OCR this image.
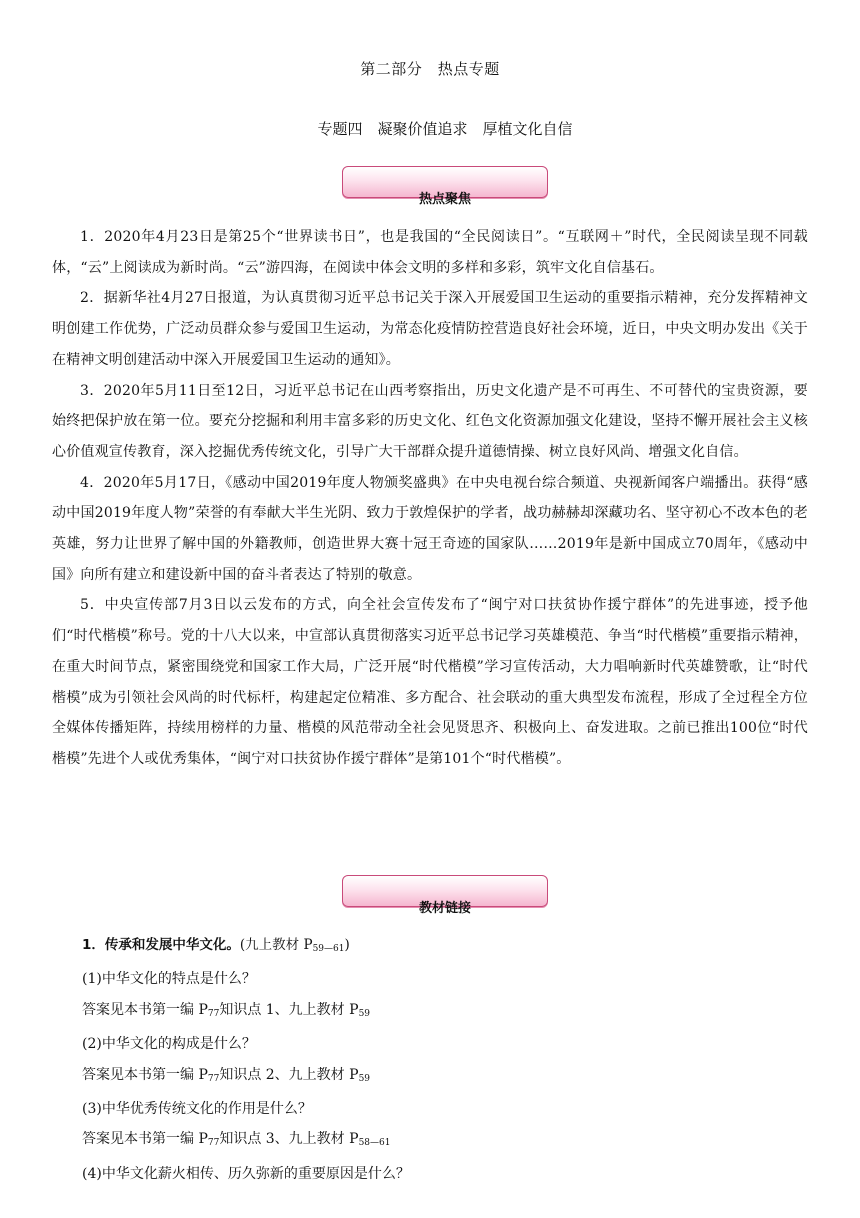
第二部分　热点专题
专题四　凝聚价值追求　厚植文化自信
热点聚焦

1．2020年4月23日是第25个“世界读书日”，也是我国的“全民阅读日”。“互联网＋”时代，全民阅读呈现不同载体，“云”上阅读成为新时尚。“云”游四海，在阅读中体会文明的多样和多彩，筑牢文化自信基石。

2．据新华社4月27日报道，为认真贯彻习近平总书记关于深入开展爱国卫生运动的重要指示精神，充分发挥精神文明创建工作优势，广泛动员群众参与爱国卫生运动，为常态化疫情防控营造良好社会环境，近日，中央文明办发出《关于在精神文明创建活动中深入开展爱国卫生运动的通知》。

3．2020年5月11日至12日，习近平总书记在山西考察指出，历史文化遗产是不可再生、不可替代的宝贵资源，要始终把保护放在第一位。要充分挖掘和利用丰富多彩的历史文化、红色文化资源加强文化建设，坚持不懈开展社会主义核心价值观宣传教育，深入挖掘优秀传统文化，引导广大干部群众提升道德情操、树立良好风尚、增强文化自信。

4．2020年5月17日，《感动中国2019年度人物颁奖盛典》在中央电视台综合频道、央视新闻客户端播出。获得“感动中国2019年度人物”荣誉的有奉献大半生光阴、致力于敦煌保护的学者，战功赫赫却深藏功名、坚守初心不改本色的老英雄，努力让世界了解中国的外籍教师，创造世界大赛十冠王奇迹的国家队……2019年是新中国成立70周年，《感动中国》向所有建立和建设新中国的奋斗者表达了特别的敬意。

5．中央宣传部7月3日以云发布的方式，向全社会宣传发布了“闽宁对口扶贫协作援宁群体”的先进事迹，授予他们“时代楷模”称号。党的十八大以来，中宣部认真贯彻落实习近平总书记学习英雄模范、争当“时代楷模”重要指示精神，在重大时间节点，紧密围绕党和国家工作大局，广泛开展“时代楷模”学习宣传活动，大力唱响新时代英雄赞歌，让“时代楷模”成为引领社会风尚的时代标杆，构建起定位精准、多方配合、社会联动的重大典型发布流程，形成了全过程全方位全媒体传播矩阵，持续用榜样的力量、楷模的风范带动全社会见贤思齐、积极向上、奋发进取。之前已推出100位“时代楷模”先进个人或优秀集体，“闽宁对口扶贫协作援宁群体”是第101个“时代楷模”。

教材链接

1．传承和发展中华文化。(九上教材 $P_{59—61}$)

(1)中华文化的特点是什么？

答案见本书第一编 $P_{77}$知识点 1、九上教材 $P_{59}$

(2)中华文化的构成是什么？

答案见本书第一编 $P_{77}$知识点 2、九上教材 $P_{59}$

(3)中华优秀传统文化的作用是什么？

答案见本书第一编 $P_{77}$知识点 3、九上教材 $P_{58—61}$

(4)中华文化薪火相传、历久弥新的重要原因是什么？
